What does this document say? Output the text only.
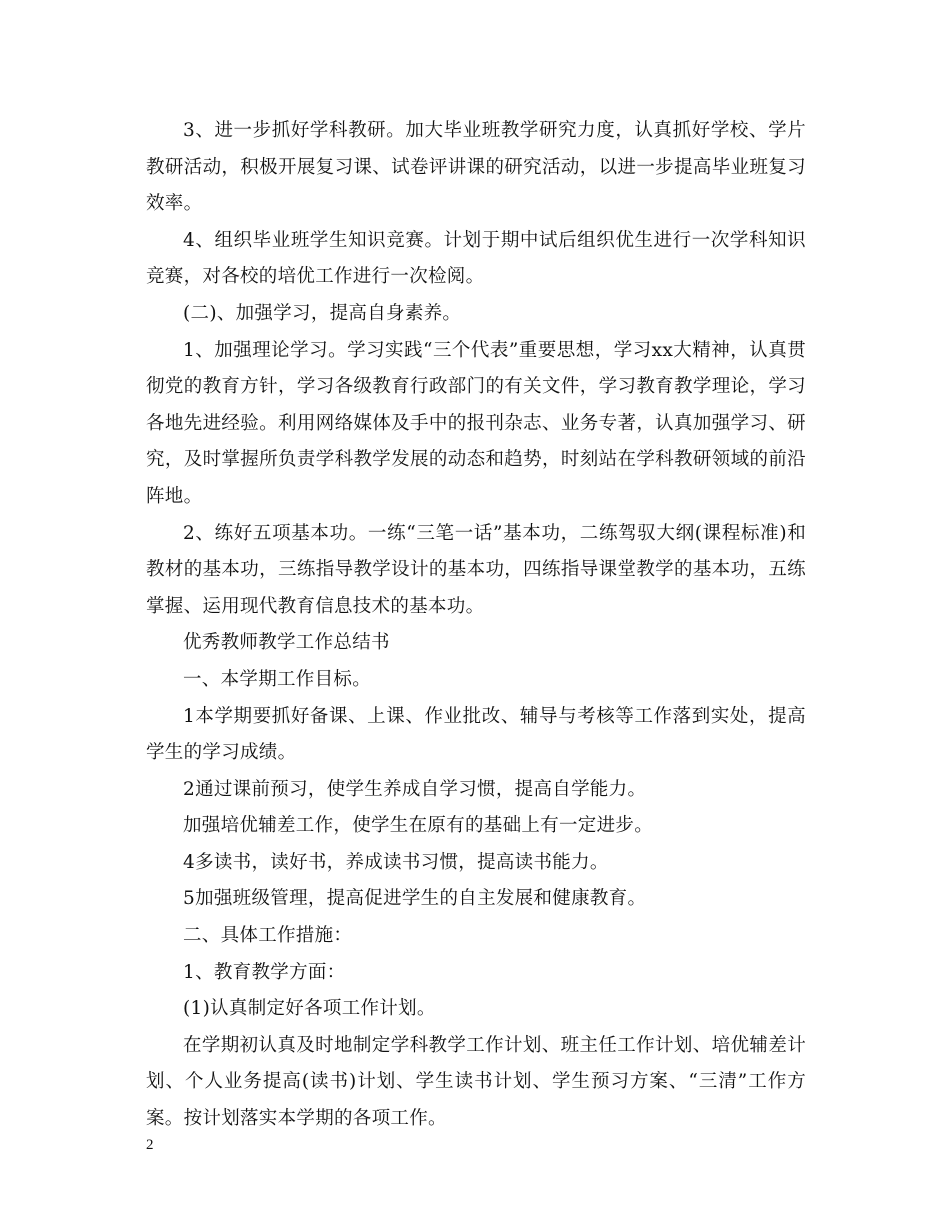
3、进一步抓好学科教研。加大毕业班教学研究力度，认真抓好学校、学片教研活动，积极开展复习课、试卷评讲课的研究活动，以进一步提高毕业班复习效率。

4、组织毕业班学生知识竞赛。计划于期中试后组织优生进行一次学科知识竞赛，对各校的培优工作进行一次检阅。

(二)、加强学习，提高自身素养。

1、加强理论学习。学习实践“三个代表”重要思想，学习xx大精神，认真贯彻党的教育方针，学习各级教育行政部门的有关文件，学习教育教学理论，学习各地先进经验。利用网络媒体及手中的报刊杂志、业务专著，认真加强学习、研究，及时掌握所负责学科教学发展的动态和趋势，时刻站在学科教研领域的前沿阵地。

2、练好五项基本功。一练“三笔一话”基本功，二练驾驭大纲(课程标准)和教材的基本功，三练指导教学设计的基本功，四练指导课堂教学的基本功，五练掌握、运用现代教育信息技术的基本功。

优秀教师教学工作总结书

一、本学期工作目标。

1本学期要抓好备课、上课、作业批改、辅导与考核等工作落到实处，提高学生的学习成绩。

2通过课前预习，使学生养成自学习惯，提高自学能力。

加强培优辅差工作，使学生在原有的基础上有一定进步。

4多读书，读好书，养成读书习惯，提高读书能力。

5加强班级管理，提高促进学生的自主发展和健康教育。

二、具体工作措施：

1、教育教学方面：

(1)认真制定好各项工作计划。

在学期初认真及时地制定学科教学工作计划、班主任工作计划、培优辅差计划、个人业务提高(读书)计划、学生读书计划、学生预习方案、“三清”工作方案。按计划落实本学期的各项工作。

2
